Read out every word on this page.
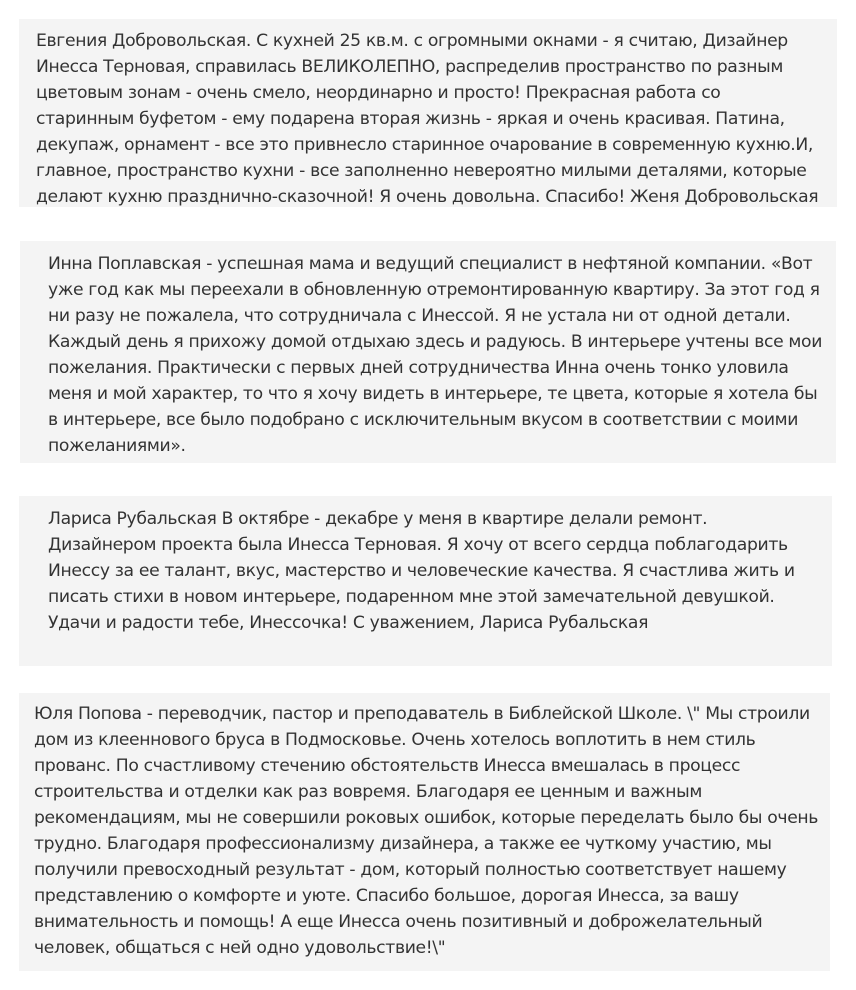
Евгения Добровольская. С кухней 25 кв.м. с огромными окнами - я считаю, Дизайнер Инесса Терновая, справилась ВЕЛИКОЛЕПНО, распределив пространство по разным цветовым зонам - очень смело, неординарно и просто! Прекрасная работа со старинным буфетом - ему подарена вторая жизнь - яркая и очень красивая. Патина, декупаж, орнамент - все это привнесло старинное очарование в современную кухню.И, главное, пространство кухни - все заполненно невероятно милыми деталями, которые делают кухню празднично-сказочной! Я очень довольна. Спасибо! Женя Добровольская

Инна Поплавская - успешная мама и ведущий специалист в нефтяной компании. «Вот уже год как мы переехали в обновленную отремонтированную квартиру. За этот год я ни разу не пожалела, что сотрудничала с Инессой. Я не устала ни от одной детали. Каждый день я прихожу домой отдыхаю здесь и радуюсь. В интерьере учтены все мои пожелания. Практически с первых дней сотрудничества Инна очень тонко уловила меня и мой характер, то что я хочу видеть в интерьере, те цвета, которые я хотела бы в интерьере, все было подобрано с исключительным вкусом в соответствии с моими пожеланиями».

Лариса Рубальская В октябре - декабре у меня в квартире делали ремонт. Дизайнером проекта была Инесса Терновая. Я хочу от всего сердца поблагодарить Инессу за ее талант, вкус, мастерство и человеческие качества. Я счастлива жить и писать стихи в новом интерьере, подаренном мне этой замечательной девушкой. Удачи и радости тебе, Инессочка! С уважением, Лариса Рубальская

Юля Попова - переводчик, пастор и преподаватель в Библейской Школе. \" Мы строили дом из клееннового бруса в Подмосковье. Очень хотелось воплотить в нем стиль прованс. По счастливому стечению обстоятельств Инесса вмешалась в процесс строительства и отделки как раз вовремя. Благодаря ее ценным и важным рекомендациям, мы не совершили роковых ошибок, которые переделать было бы очень трудно. Благодаря профессионализму дизайнера, а также ее чуткому участию, мы получили превосходный результат - дом, который полностью соответствует нашему представлению о комфорте и уюте. Спасибо большое, дорогая Инесса, за вашу внимательность и помощь! А еще Инесса очень позитивный и доброжелательный человек, общаться с ней одно удовольствие!\"
